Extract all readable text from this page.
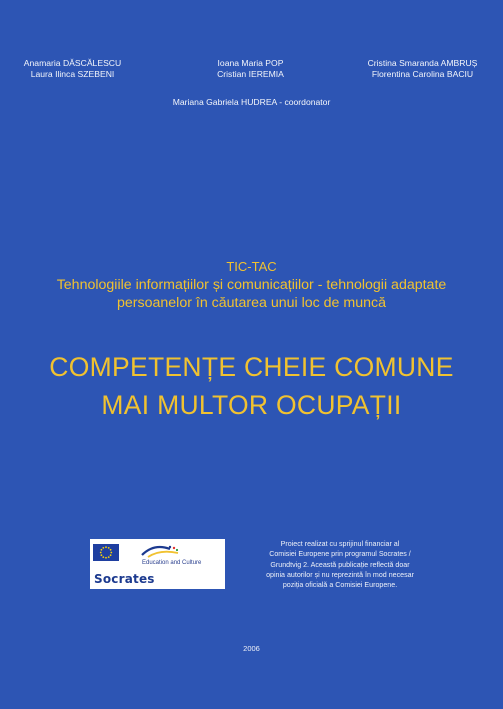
Anamaria DĂSCĂLESCU
Laura Ilinca SZEBENI
Ioana Maria POP
Cristian IEREMIA
Cristina Smaranda AMBRUȘ
Florentina Carolina BACIU
Mariana Gabriela HUDREA - coordonator
TIC-TAC
Tehnologiile informațiilor și comunicațiilor - tehnologii adaptate
persoanelor în căutarea unui loc de muncă
COMPETENȚE CHEIE COMUNE
MAI MULTOR OCUPAȚII
Education and Culture
Socrates
Proiect realizat cu sprijinul financiar al
Comisiei Europene prin programul Socrates /
Grundtvig 2. Această publicație reflectă doar
opinia autorilor și nu reprezintă în mod necesar
poziția oficială a Comisiei Europene.
2006
